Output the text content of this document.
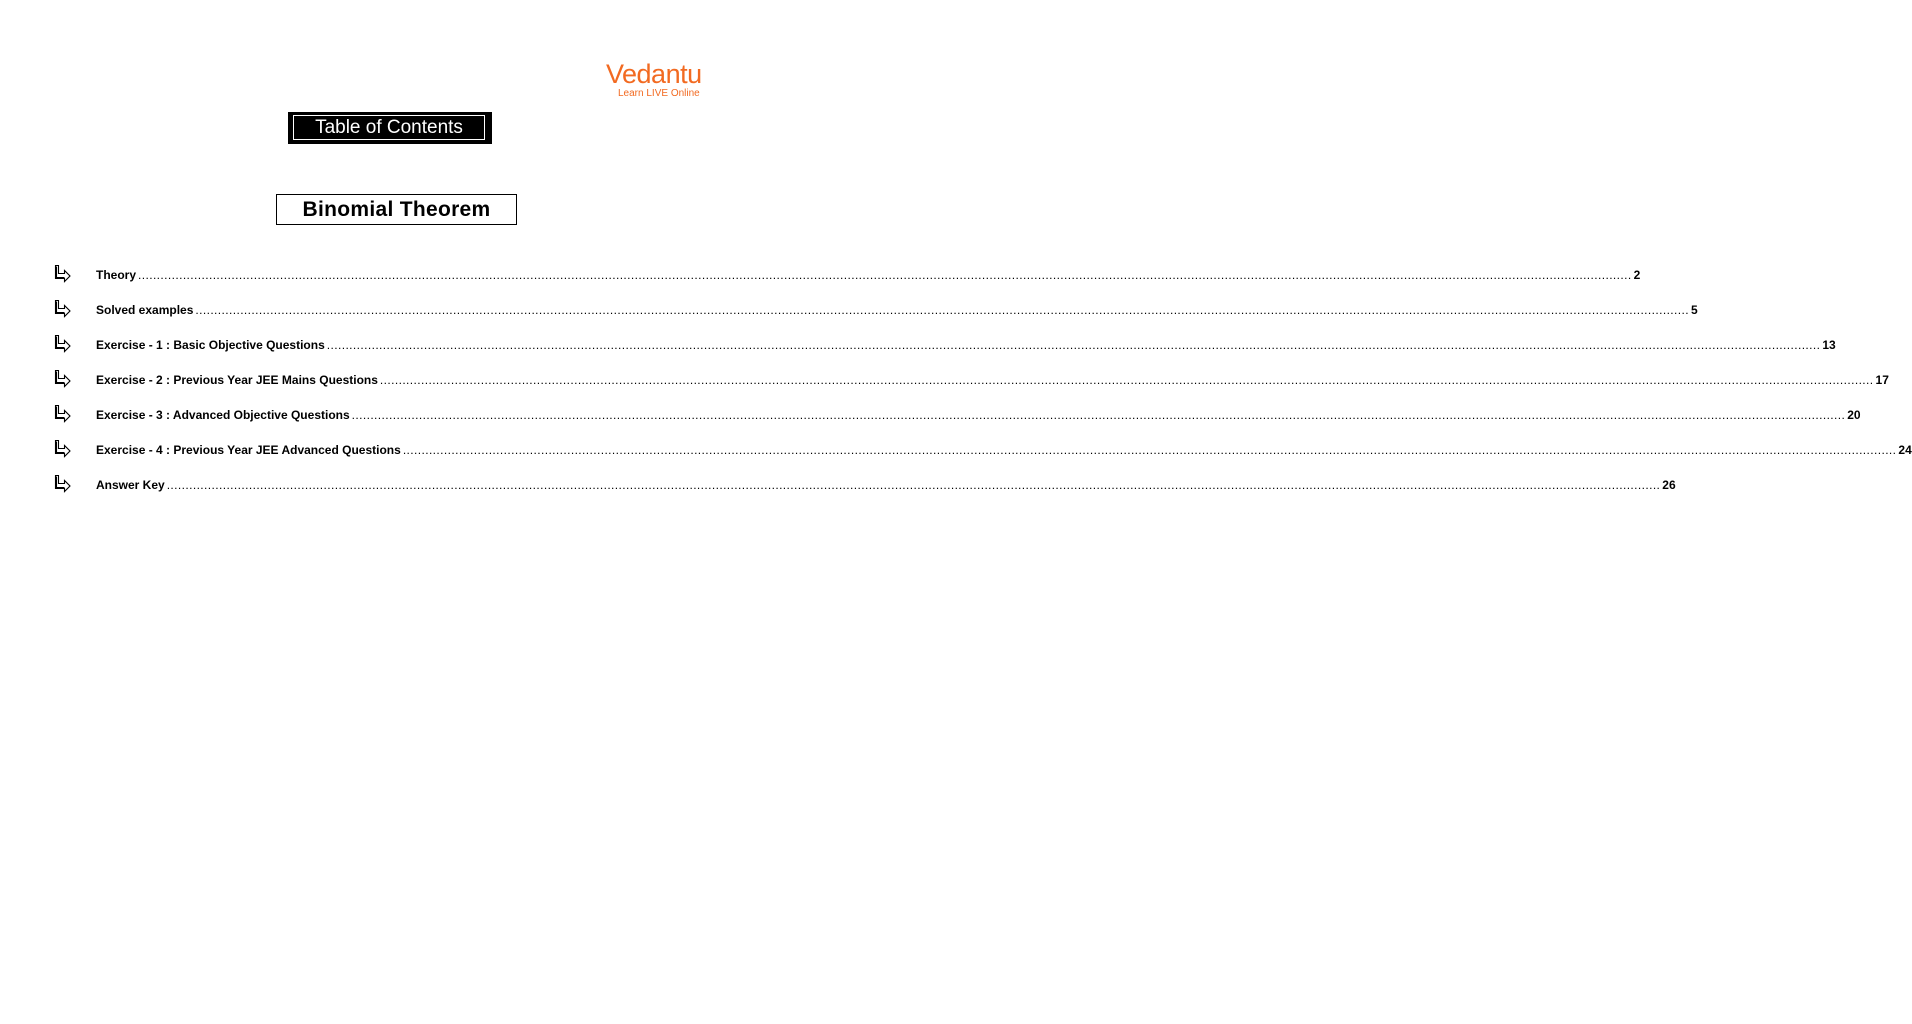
Vedantu
Learn LIVE Online
Table of Contents
Binomial Theorem
Theory ................................................................................................................................................................................................................................................................................................................................................................................................................ 2
Solved examples ................................................................................................................................................................................................................................................................................................................................................................................................................ 5
Exercise - 1 : Basic Objective Questions ................................................................................................................................................................................................................................................................................................................................................................................................................ 13
Exercise - 2 : Previous Year JEE Mains Questions ................................................................................................................................................................................................................................................................................................................................................................................................................ 17
Exercise - 3 : Advanced Objective Questions ................................................................................................................................................................................................................................................................................................................................................................................................................ 20
Exercise - 4 : Previous Year JEE Advanced Questions ................................................................................................................................................................................................................................................................................................................................................................................................................ 24
Answer Key ................................................................................................................................................................................................................................................................................................................................................................................................................ 26
